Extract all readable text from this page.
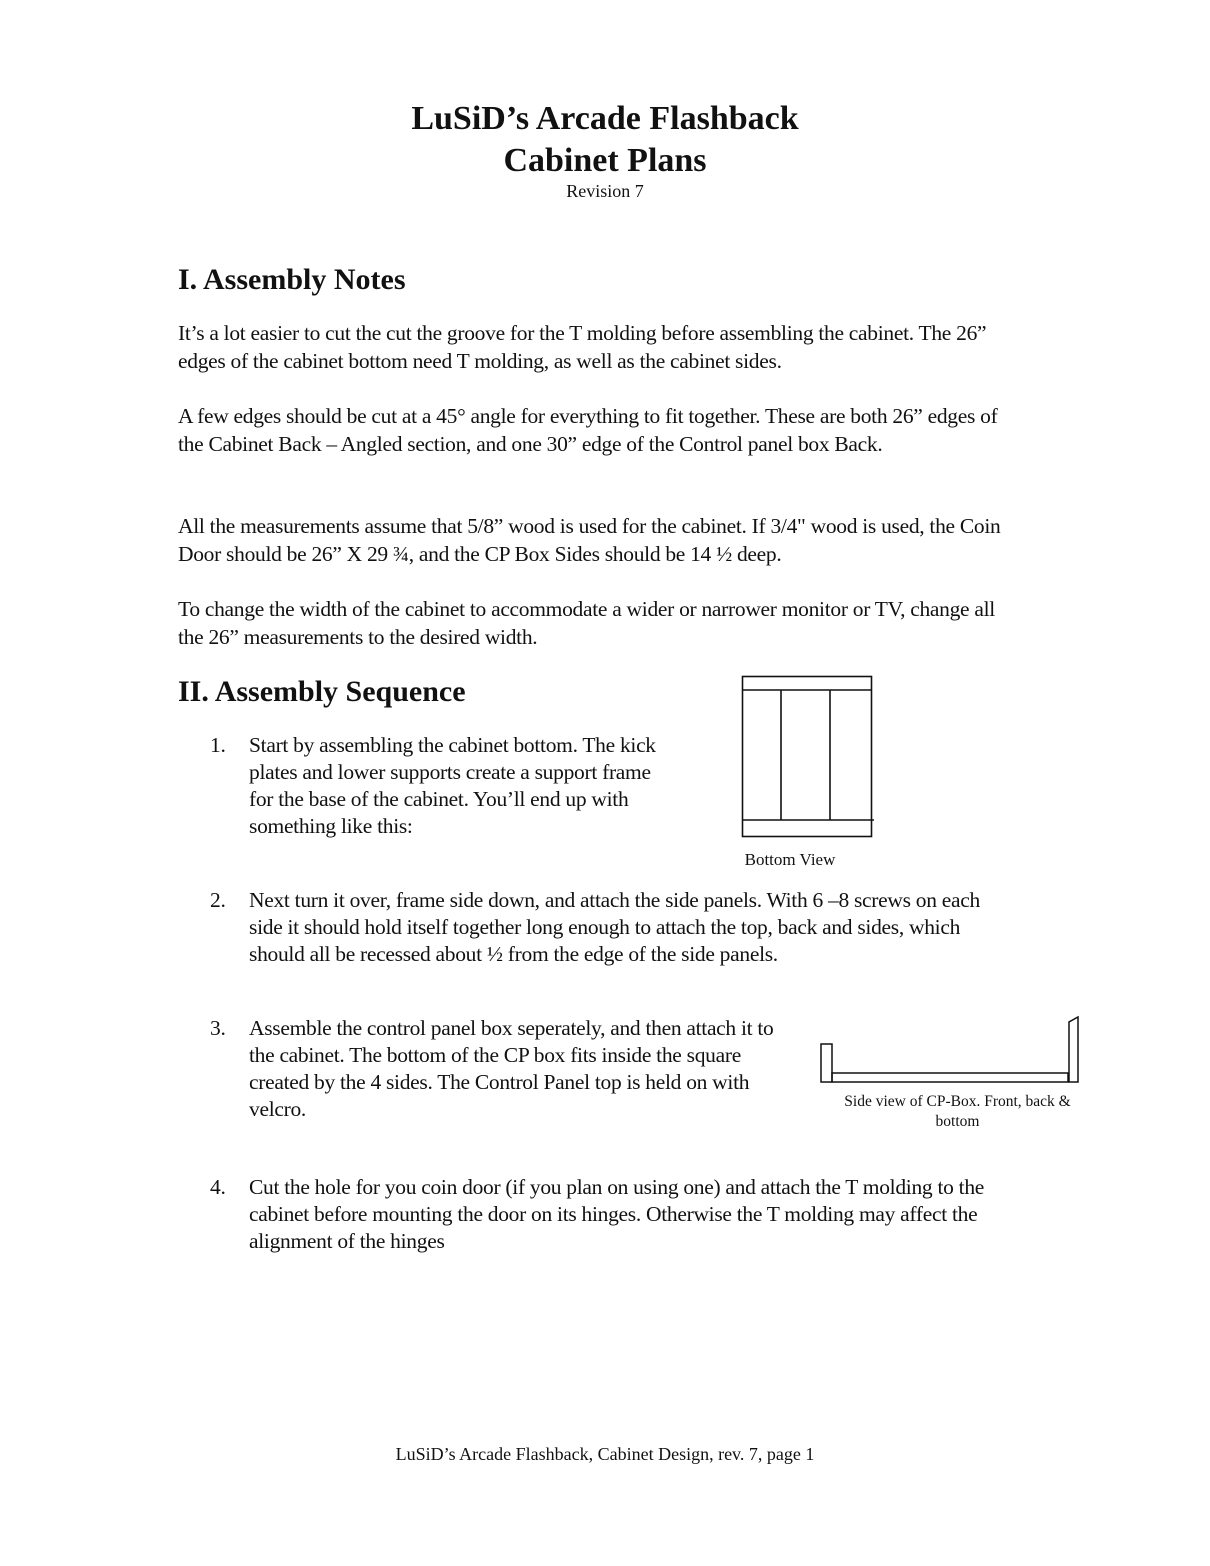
LuSiD’s Arcade Flashback
Cabinet Plans
Revision 7
I. Assembly Notes

It’s a lot easier to cut the cut the groove for the T molding before assembling the cabinet. The 26” edges of the cabinet bottom need T molding, as well as the cabinet sides.

A few edges should be cut at a 45° angle for everything to fit together. These are both 26” edges of the Cabinet Back – Angled section, and one 30” edge of the Control panel box Back.

All the measurements assume that 5/8” wood is used for the cabinet. If 3/4" wood is used, the Coin Door should be 26” X 29 ¾, and the CP Box Sides should be 14 ½ deep.

To change the width of the cabinet to accommodate a wider or narrower monitor or TV, change all the 26” measurements to the desired width.

II. Assembly Sequence
1.	Start by assembling the cabinet bottom. The kick plates and lower supports create a support frame for the base of the cabinet. You’ll end up with something like this:

Bottom View
2.	Next turn it over, frame side down, and attach the side panels. With 6 –8 screws on each side it should hold itself together long enough to attach the top, back and sides, which should all be recessed about ½ from the edge of the side panels.

3.	Assemble the control panel box seperately, and then attach it to the cabinet. The bottom of the CP box fits inside the square created by the 4 sides. The Control Panel top is held on with velcro.	Side view of CP-Box. Front, back & bottom
4.	Cut the hole for you coin door (if you plan on using one) and attach the T molding to the cabinet before mounting the door on its hinges. Otherwise the T molding may affect the alignment of the hinges

LuSiD’s Arcade Flashback, Cabinet Design, rev. 7, page 1
